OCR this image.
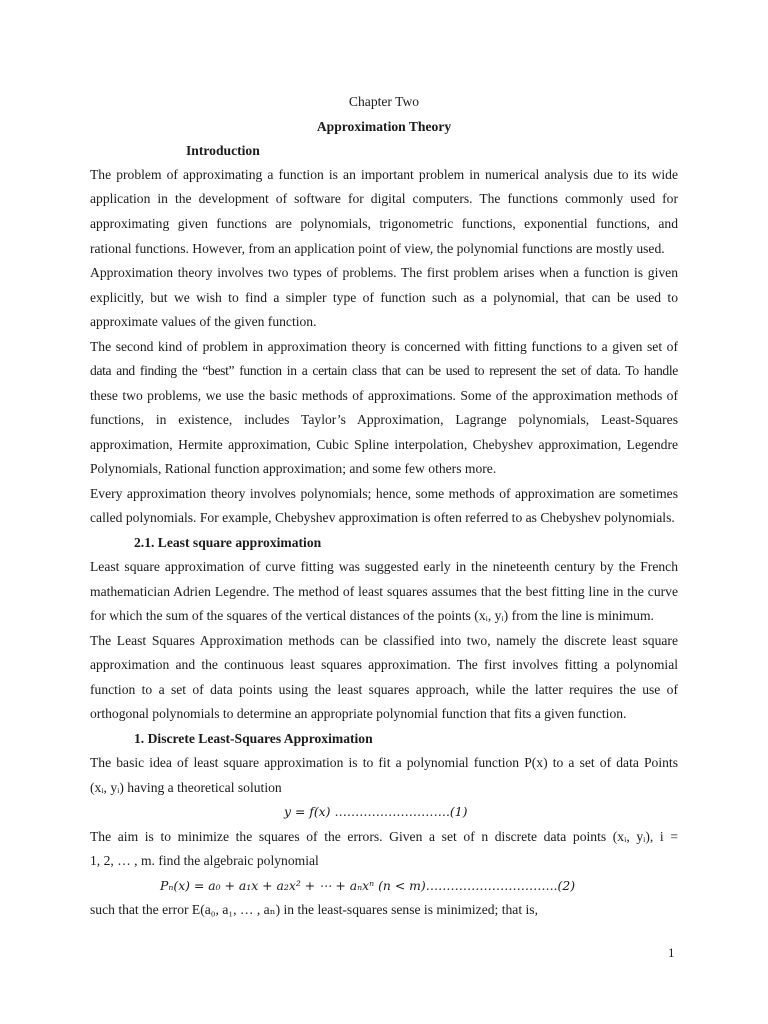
Chapter Two
Approximation Theory
Introduction
The problem of approximating a function is an important problem in numerical analysis due to its wide
application in the development of software for digital computers. The functions commonly used for
approximating given functions are polynomials, trigonometric functions, exponential functions, and
rational functions. However, from an application point of view, the polynomial functions are mostly used.
Approximation theory involves two types of problems. The first problem arises when a function is given
explicitly, but we wish to find a simpler type of function such as a polynomial, that can be used to
approximate values of the given function.
The second kind of problem in approximation theory is concerned with fitting functions to a given set of
data and finding the “best” function in a certain class that can be used to represent the set of data. To handle
these two problems, we use the basic methods of approximations. Some of the approximation methods of
functions, in existence, includes Taylor’s Approximation, Lagrange polynomials, Least-Squares
approximation, Hermite approximation, Cubic Spline interpolation, Chebyshev approximation, Legendre
Polynomials, Rational function approximation; and some few others more.
Every approximation theory involves polynomials; hence, some methods of approximation are sometimes
called polynomials. For example, Chebyshev approximation is often referred to as Chebyshev polynomials.
2.1. Least square approximation
Least square approximation of curve fitting was suggested early in the nineteenth century by the French
mathematician Adrien Legendre. The method of least squares assumes that the best fitting line in the curve
for which the sum of the squares of the vertical distances of the points (xᵢ, yᵢ) from the line is minimum.
The Least Squares Approximation methods can be classified into two, namely the discrete least square
approximation and the continuous least squares approximation. The first involves fitting a polynomial
function to a set of data points using the least squares approach, while the latter requires the use of
orthogonal polynomials to determine an appropriate polynomial function that fits a given function.
1. Discrete Least-Squares Approximation
The basic idea of least square approximation is to fit a polynomial function P(x) to a set of data Points
(xᵢ, yᵢ) having a theoretical solution
y = f(x) ……………………….(1)
The aim is to minimize the squares of the errors. Given a set of n discrete data points (xᵢ, yᵢ), i =
1, 2, … , m. find the algebraic polynomial
Pₙ(x) = a₀ + a₁x + a₂x² + ⋯ + aₙxⁿ (n < m)…………………………..(2)
such that the error E(a₀, a₁, … , aₙ) in the least-squares sense is minimized; that is,
1
